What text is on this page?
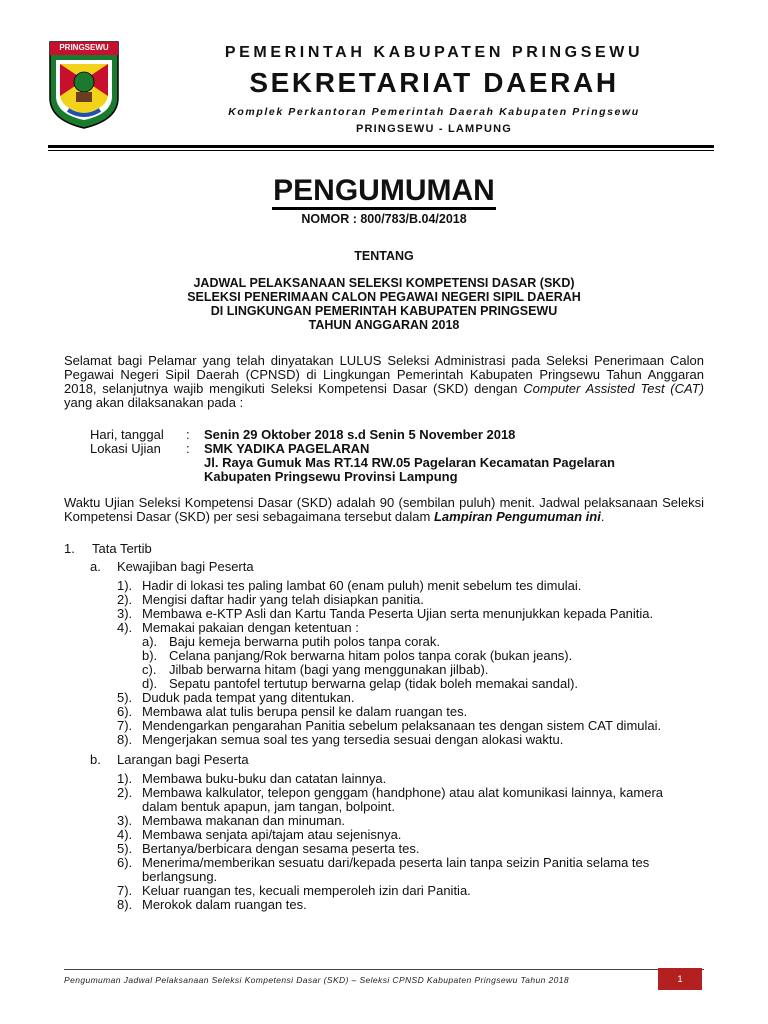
PRINGSEWU	PEMERINTAH KABUPATEN PRINGSEWU
SEKRETARIAT DAERAH
Komplek Perkantoran Pemerintah Daerah Kabupaten Pringsewu
PRINGSEWU - LAMPUNG
PENGUMUMAN
NOMOR : 800/783/B.04/2018
TENTANG
JADWAL PELAKSANAAN SELEKSI KOMPETENSI DASAR (SKD)
SELEKSI PENERIMAAN CALON PEGAWAI NEGERI SIPIL DAERAH
DI LINGKUNGAN PEMERINTAH KABUPATEN PRINGSEWU
TAHUN ANGGARAN 2018
Selamat bagi Pelamar yang telah dinyatakan LULUS Seleksi Administrasi pada Seleksi Penerimaan Calon Pegawai Negeri Sipil Daerah (CPNSD) di Lingkungan Pemerintah Kabupaten Pringsewu Tahun Anggaran 2018, selanjutnya wajib mengikuti Seleksi Kompetensi Dasar (SKD) dengan Computer Assisted Test (CAT) yang akan dilaksanakan pada :
Hari, tanggal	: Senin 29 Oktober 2018 s.d Senin 5 November 2018
Lokasi Ujian	: SMK YADIKA PAGELARAN
Jl. Raya Gumuk Mas RT.14 RW.05 Pagelaran Kecamatan Pagelaran
Kabupaten Pringsewu Provinsi Lampung
Waktu Ujian Seleksi Kompetensi Dasar (SKD) adalah 90 (sembilan puluh) menit. Jadwal pelaksanaan Seleksi Kompetensi Dasar (SKD) per sesi sebagaimana tersebut dalam Lampiran Pengumuman ini.
1. Tata Tertib
a. Kewajiban bagi Peserta
1). Hadir di lokasi tes paling lambat 60 (enam puluh) menit sebelum tes dimulai.
2). Mengisi daftar hadir yang telah disiapkan panitia.
3). Membawa e-KTP Asli dan Kartu Tanda Peserta Ujian serta menunjukkan kepada Panitia.
4). Memakai pakaian dengan ketentuan :
a). Baju kemeja berwarna putih polos tanpa corak.
b). Celana panjang/Rok berwarna hitam polos tanpa corak (bukan jeans).
c). Jilbab berwarna hitam (bagi yang menggunakan jilbab).
d). Sepatu pantofel tertutup berwarna gelap (tidak boleh memakai sandal).
5). Duduk pada tempat yang ditentukan.
6). Membawa alat tulis berupa pensil ke dalam ruangan tes.
7). Mendengarkan pengarahan Panitia sebelum pelaksanaan tes dengan sistem CAT dimulai.
8). Mengerjakan semua soal tes yang tersedia sesuai dengan alokasi waktu.
b. Larangan bagi Peserta
1). Membawa buku-buku dan catatan lainnya.
2). Membawa kalkulator, telepon genggam (handphone) atau alat komunikasi lainnya, kamera
dalam bentuk apapun, jam tangan, bolpoint.
3). Membawa makanan dan minuman.
4). Membawa senjata api/tajam atau sejenisnya.
5). Bertanya/berbicara dengan sesama peserta tes.
6). Menerima/memberikan sesuatu dari/kepada peserta lain tanpa seizin Panitia selama tes
berlangsung.
7). Keluar ruangan tes, kecuali memperoleh izin dari Panitia.
8). Merokok dalam ruangan tes.
Pengumuman Jadwal Pelaksanaan Seleksi Kompetensi Dasar (SKD) – Seleksi CPNSD Kabupaten Pringsewu Tahun 2018	1
